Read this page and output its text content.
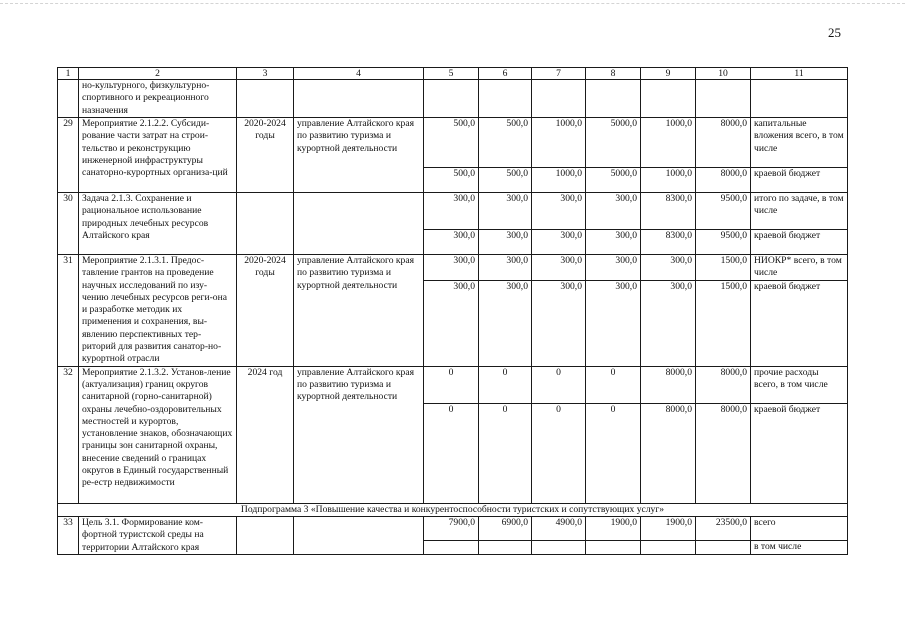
25
1	2	3	4	5	6	7	8	9	10	11
	но-культурного, физкультурно-спортивного и рекреационного назначения									
29	Мероприятие 2.1.2.2. Субсиди-рование части затрат на строи-тельство и реконструкцию инженерной инфраструктуры санаторно-курортных организа-ций	2020-2024 годы	управление Алтайского края по развитию туризма и курортной деятельности	500,0	500,0	1000,0	5000,0	1000,0	8000,0	капитальные вложения всего, в том числе
				500,0	500,0	1000,0	5000,0	1000,0	8000,0	краевой бюджет
30	Задача 2.1.3. Сохранение и рациональное использование природных лечебных ресурсов Алтайского края			300,0	300,0	300,0	300,0	8300,0	9500,0	итого по задаче, в том числе
				300,0	300,0	300,0	300,0	8300,0	9500,0	краевой бюджет
31	Мероприятие 2.1.3.1. Предос-тавление грантов на проведение научных исследований по изу-чению лечебных ресурсов реги-она и разработке методик их применения и сохранения, вы-явлению перспективных тер-риторий для развития санатор-но-курортной отрасли	2020-2024 годы	управление Алтайского края по развитию туризма и курортной деятельности	300,0	300,0	300,0	300,0	300,0	1500,0	НИОКР* всего, в том числе
				300,0	300,0	300,0	300,0	300,0	1500,0	краевой бюджет
32	Мероприятие 2.1.3.2. Установ-ление (актуализация) границ округов санитарной (горно-санитарной) охраны лечебно-оздоровительных местностей и курортов, установление знаков, обозначающих границы зон санитарной охраны, внесение сведений о границах округов в Единый государственный ре-естр недвижимости	2024 год	управление Алтайского края по развитию туризма и курортной деятельности	0	0	0	0	8000,0	8000,0	прочие расходы всего, в том числе
				0	0	0	0	8000,0	8000,0	краевой бюджет
Подпрограмма 3 «Повышение качества и конкурентоспособности туристских и сопутствующих услуг»										
33	Цель 3.1. Формирование ком-фортной туристской среды на территории Алтайского края			7900,0	6900,0	4900,0	1900,0	1900,0	23500,0	всего
										в том числе
